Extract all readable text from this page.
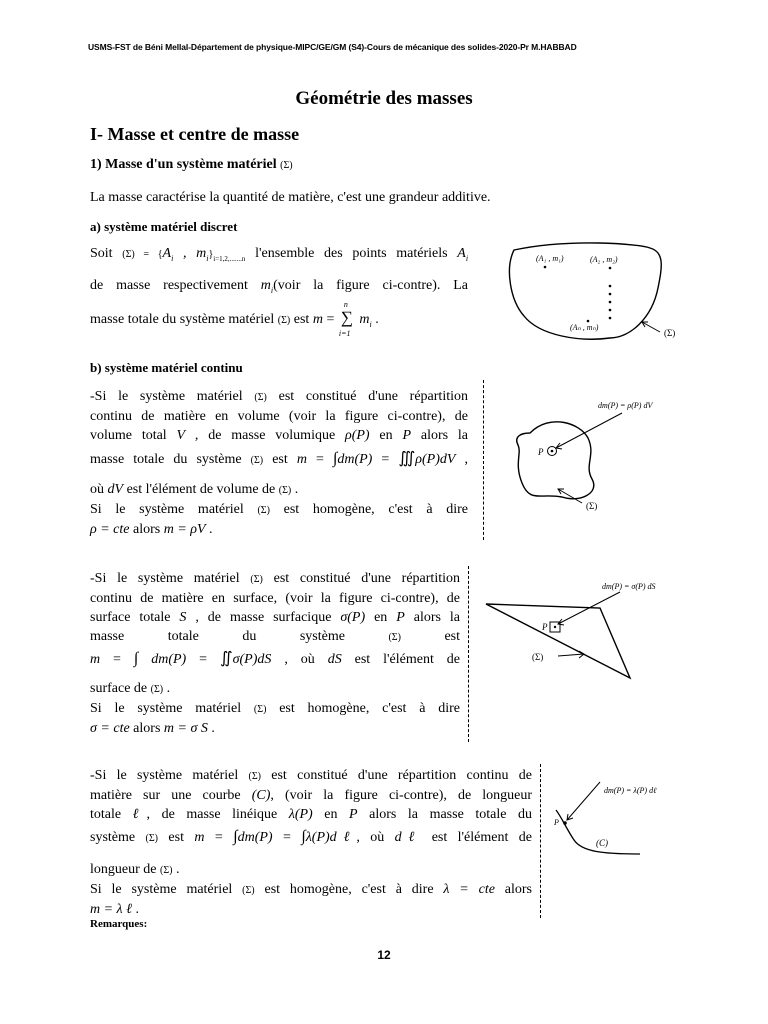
USMS-FST de Béni Mellal-Département de physique-MIPC/GE/GM (S4)-Cours de mécanique des solides-2020-Pr M.HABBAD
Géométrie des masses
I- Masse et centre de masse
1) Masse d'un système matériel (Σ)
La masse caractérise la quantité de matière, c'est une grandeur additive.
a) système matériel discret
Soit $(\Sigma) = \{A_i$ , $m_i\}_{i=1,2,.......n}$ l'ensemble des points matériels $A_i$
de masse respectivement $m_i(voir$ la figure ci-contre). La
masse totale du système matériel (Σ) est m =
n
∑
i=1
$m_i$ .
(A₁ , m₁)	(A₂ , m₂)
(Aₙ , mₙ)
(Σ)
b) système matériel continu
-Si le système matériel (Σ) est constitué d'une répartition
continu de matière en volume (voir la figure ci-contre), de
volume total V , de masse volumique ρ(P) en P alors la
masse totale du système (Σ) est m = ∫dm(P) = ∭ρ(P)dV ,
où dV est l'élément de volume de (Σ) .
Si le système matériel (Σ) est homogène, c'est à dire
ρ = cte alors m = ρV .
dm(P) = ρ(P) dV
P
(Σ)
-Si le système matériel (Σ) est constitué d'une répartition
continu de matière en surface, (voir la figure ci-contre), de
surface totale S , de masse surfacique σ(P) en P alors la
masse totale du système (Σ) est
m = ∫ dm(P) = ∬σ(P)dS , où dS est l'élément de
surface de (Σ) .
Si le système matériel (Σ) est homogène, c'est à dire
σ = cte alors m = σ S .
dm(P) = σ(P) dS
P
(Σ)
-Si le système matériel (Σ) est constitué d'une répartition continu de
matière sur une courbe (C), (voir la figure ci-contre), de longueur
totale ℓ, de masse linéique λ(P) en P alors la masse totale du
système (Σ) est m = ∫dm(P) = ∫λ(P)dℓ, où dℓ est l'élément de
longueur de (Σ) .
Si le système matériel (Σ) est homogène, c'est à dire λ = cte alors
m = λ ℓ .
dm(P) = λ(P) dℓ
P
(C)
Remarques:
12
